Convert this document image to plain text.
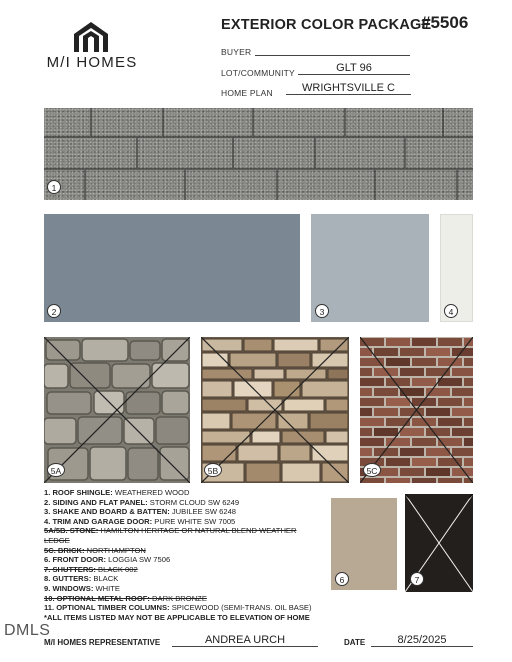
M/I HOMES
EXTERIOR COLOR PACKAGE
#5506
BUYER
LOT/COMMUNITY	GLT 96
HOME PLAN	WRIGHTSVILLE C
1
2	3	4
5A	5B	5C
1. ROOF SHINGLE: WEATHERED WOOD
2. SIDING AND FLAT PANEL: STORM CLOUD SW 6249
3. SHAKE AND BOARD & BATTEN: JUBILEE SW 6248
4. TRIM AND GARAGE DOOR: PURE WHITE SW 7005
5A/5B. STONE: HAMILTON HERITAGE OR NATURAL BLEND WEATHER
LEDGE
5C. BRICK: NORTHAMPTON
6. FRONT DOOR: LOGGIA SW 7506
7. SHUTTERS: BLACK 002
8. GUTTERS: BLACK
9. WINDOWS: WHITE
10. OPTIONAL METAL ROOF: DARK BRONZE
11. OPTIONAL TIMBER COLUMNS: SPICEWOOD (SEMI-TRANS. OIL BASE)
*ALL ITEMS LISTED MAY NOT BE APPLICABLE TO ELEVATION OF HOME
6	7
M/I HOMES REPRESENTATIVE	ANDREA URCH	DATE	8/25/2025
DMLS
